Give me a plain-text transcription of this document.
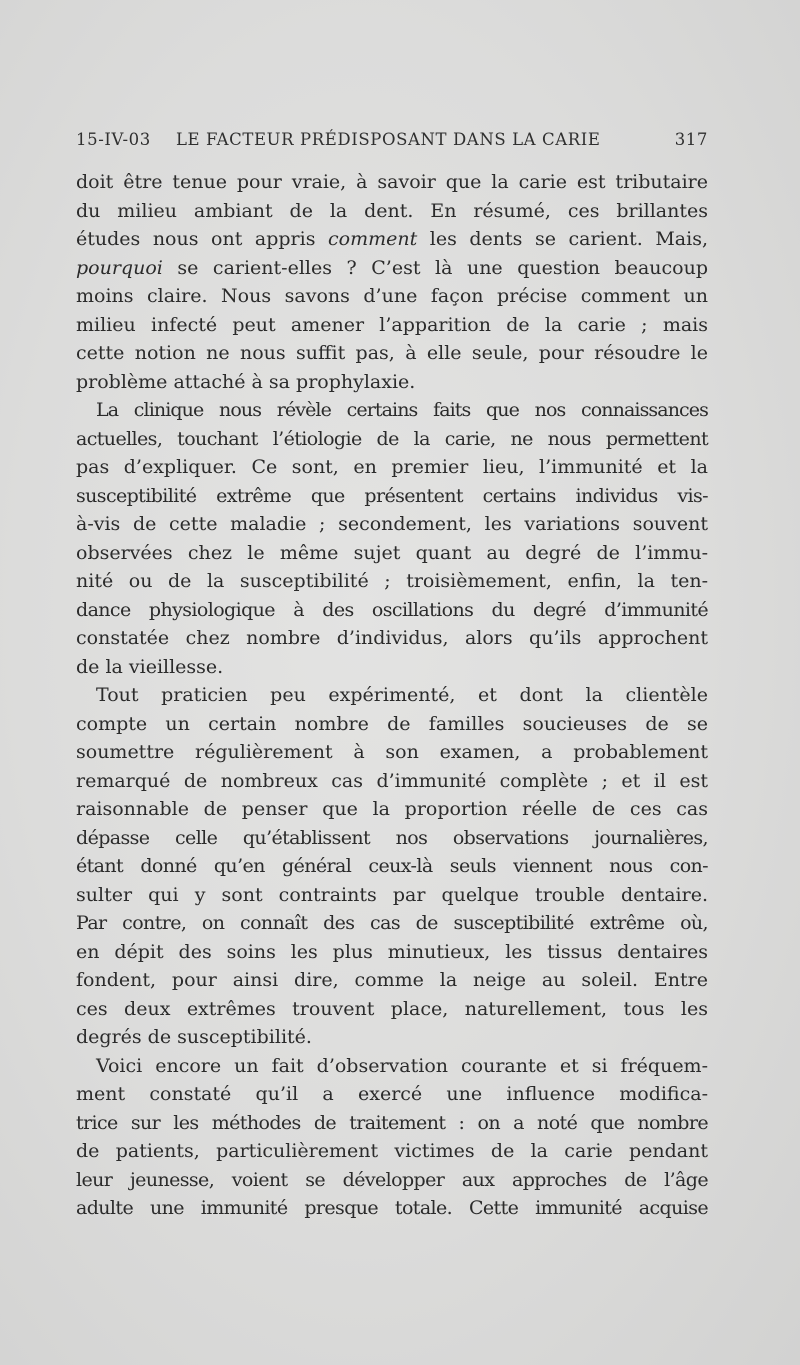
15-IV-03 LE FACTEUR PRÉDISPOSANT DANS LA CARIE	317
doit être tenue pour vraie, à savoir que la carie est tributaire
du milieu ambiant de la dent. En résumé, ces brillantes
études nous ont appris comment les dents se carient. Mais,
pourquoi se carient-elles ? C’est là une question beaucoup
moins claire. Nous savons d’une façon précise comment un
milieu infecté peut amener l’apparition de la carie ; mais
cette notion ne nous suffit pas, à elle seule, pour résoudre le
problème attaché à sa prophylaxie.
La clinique nous révèle certains faits que nos connaissances
actuelles, touchant l’étiologie de la carie, ne nous permettent
pas d’expliquer. Ce sont, en premier lieu, l’immunité et la
susceptibilité extrême que présentent certains individus vis-
à-vis de cette maladie ; secondement, les variations souvent
observées chez le même sujet quant au degré de l’immu-
nité ou de la susceptibilité ; troisièmement, enfin, la ten-
dance physiologique à des oscillations du degré d’immunité
constatée chez nombre d’individus, alors qu’ils approchent
de la vieillesse.
Tout praticien peu expérimenté, et dont la clientèle
compte un certain nombre de familles soucieuses de se
soumettre régulièrement à son examen, a probablement
remarqué de nombreux cas d’immunité complète ; et il est
raisonnable de penser que la proportion réelle de ces cas
dépasse celle qu’établissent nos observations journalières,
étant donné qu’en général ceux-là seuls viennent nous con-
sulter qui y sont contraints par quelque trouble dentaire.
Par contre, on connaît des cas de susceptibilité extrême où,
en dépit des soins les plus minutieux, les tissus dentaires
fondent, pour ainsi dire, comme la neige au soleil. Entre
ces deux extrêmes trouvent place, naturellement, tous les
degrés de susceptibilité.
Voici encore un fait d’observation courante et si fréquem-
ment constaté qu’il a exercé une influence modifica-
trice sur les méthodes de traitement : on a noté que nombre
de patients, particulièrement victimes de la carie pendant
leur jeunesse, voient se développer aux approches de l’âge
adulte une immunité presque totale. Cette immunité acquise
